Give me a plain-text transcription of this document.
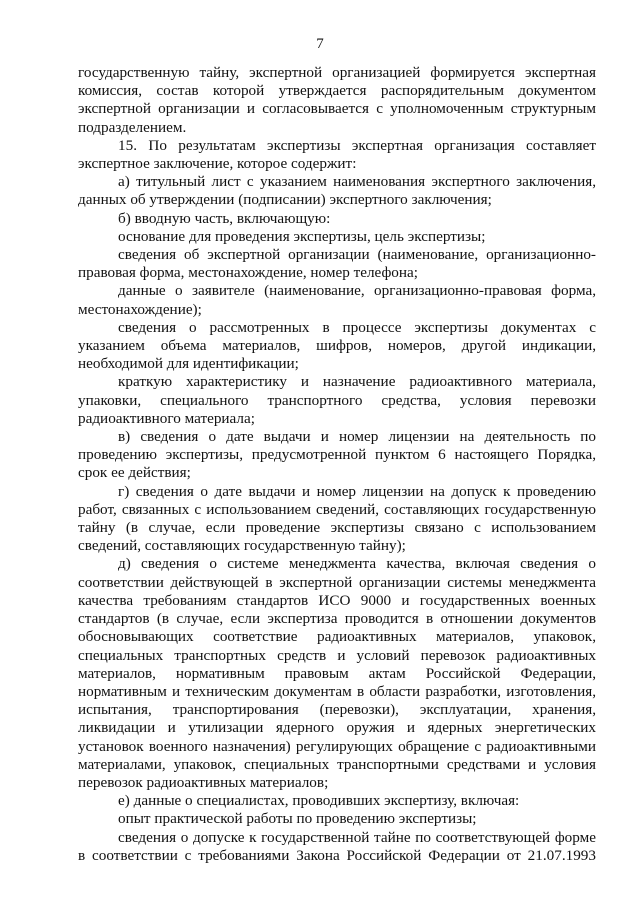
7

государственную тайну, экспертной организацией формируется экспертная комиссия, состав которой утверждается распорядительным документом экспертной организации и согласовывается с уполномоченным структурным подразделением.

15. По результатам экспертизы экспертная организация составляет экспертное заключение, которое содержит:

а) титульный лист с указанием наименования экспертного заключения, данных об утверждении (подписании) экспертного заключения;

б) вводную часть, включающую:

основание для проведения экспертизы, цель экспертизы;

сведения об экспертной организации (наименование, организационно-правовая форма, местонахождение, номер телефона;

данные о заявителе (наименование, организационно-правовая форма, местонахождение);

сведения о рассмотренных в процессе экспертизы документах с указанием объема материалов, шифров, номеров, другой индикации, необходимой для идентификации;

краткую характеристику и назначение радиоактивного материала, упаковки, специального транспортного средства, условия перевозки радиоактивного материала;

в) сведения о дате выдачи и номер лицензии на деятельность по проведению экспертизы, предусмотренной пунктом 6 настоящего Порядка, срок ее действия;

г) сведения о дате выдачи и номер лицензии на допуск к проведению работ, связанных с использованием сведений, составляющих государственную тайну (в случае, если проведение экспертизы связано с использованием сведений, составляющих государственную тайну);

д) сведения о системе менеджмента качества, включая сведения о соответствии действующей в экспертной организации системы менеджмента качества требованиям стандартов ИСО 9000 и государственных военных стандартов (в случае, если экспертиза проводится в отношении документов обосновывающих соответствие радиоактивных материалов, упаковок, специальных транспортных средств и условий перевозок радиоактивных материалов, нормативным правовым актам Российской Федерации, нормативным и техническим документам в области разработки, изготовления, испытания, транспортирования (перевозки), эксплуатации, хранения, ликвидации и утилизации ядерного оружия и ядерных энергетических установок военного назначения) регулирующих обращение с радиоактивными материалами, упаковок, специальных транспортными средствами и условия перевозок радиоактивных материалов;

е) данные о специалистах, проводивших экспертизу, включая:

опыт практической работы по проведению экспертизы;

сведения о допуске к государственной тайне по соответствующей форме в соответствии с требованиями Закона Российской Федерации от 21.07.1993
